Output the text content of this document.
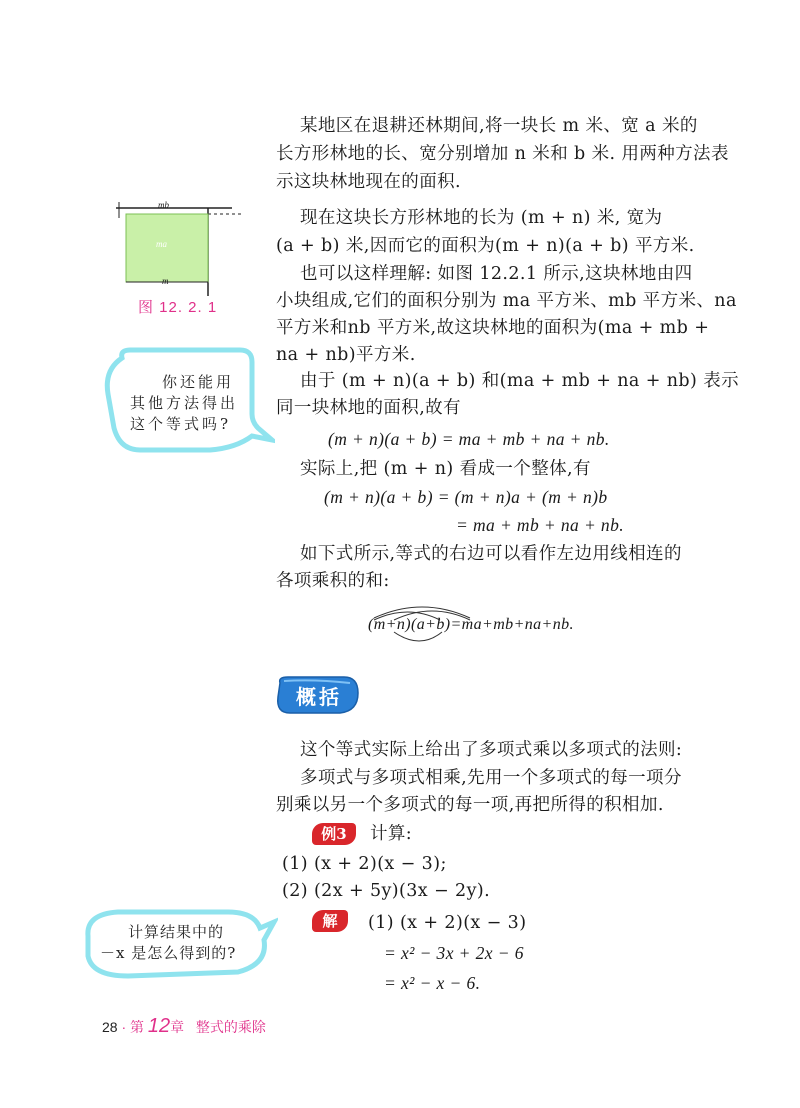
某地区在退耕还林期间,将一块长 m 米、宽 a 米的
长方形林地的长、宽分别增加 n 米和 b 米. 用两种方法表
示这块林地现在的面积.
现在这块长方形林地的长为 (m + n) 米, 宽为
(a + b) 米,因而它的面积为(m + n)(a + b) 平方米.
也可以这样理解: 如图 12.2.1 所示,这块林地由四
小块组成,它们的面积分别为 ma 平方米、mb 平方米、na
平方米和nb 平方米,故这块林地的面积为(ma + mb +
na + nb)平方米.
由于 (m + n)(a + b) 和(ma + mb + na + nb) 表示
同一块林地的面积,故有
(m + n)(a + b) = ma + mb + na + nb.
实际上,把 (m + n) 看成一个整体,有
(m + n)(a + b) = (m + n)a + (m + n)b
= ma + mb + na + nb.
如下式所示,等式的右边可以看作左边用线相连的
各项乘积的和:
(m+n)(a+b)=ma+mb+na+nb.
mb
ma
m
图 12. 2. 1
你还能用
其他方法得出
这个等式吗?
概括
这个等式实际上给出了多项式乘以多项式的法则:
多项式与多项式相乘,先用一个多项式的每一项分
别乘以另一个多项式的每一项,再把所得的积相加.
例3	计算:
(1) (x + 2)(x − 3);
(2) (2x + 5y)(3x − 2y).
解	(1) (x + 2)(x − 3)
= x² − 3x + 2x − 6
= x² − x − 6.
计算结果中的
－x 是怎么得到的?
28 · 第 12章 整式的乘除
